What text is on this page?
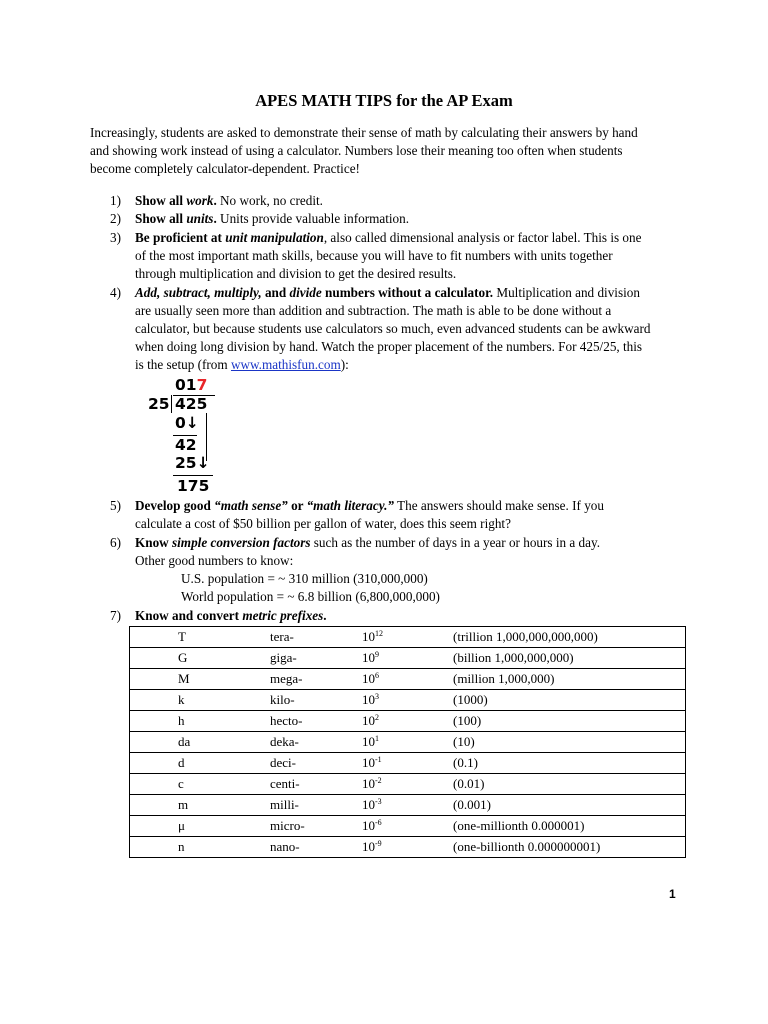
APES MATH TIPS for the AP Exam

Increasingly, students are asked to demonstrate their sense of math by calculating their answers by hand
and showing work instead of using a calculator. Numbers lose their meaning too often when students
become completely calculator-dependent. Practice!

1) Show all work. No work, no credit.
2) Show all units. Units provide valuable information.
3) Be proficient at unit manipulation, also called dimensional analysis or factor label. This is one
of the most important math skills, because you will have to fit numbers with units together
through multiplication and division to get the desired results.
4) Add, subtract, multiply, and divide numbers without a calculator. Multiplication and division
are usually seen more than addition and subtraction. The math is able to be done without a
calculator, but because students use calculators so much, even advanced students can be awkward
when doing long division by hand. Watch the proper placement of the numbers. For 425/25, this
is the setup (from www.mathisfun.com):
017
25 425
0↓
42
25↓
175
5) Develop good “math sense” or “math literacy.” The answers should make sense. If you
calculate a cost of $50 billion per gallon of water, does this seem right?
6) Know simple conversion factors such as the number of days in a year or hours in a day.
Other good numbers to know:
U.S. population = ~ 310 million (310,000,000)
World population = ~ 6.8 billion (6,800,000,000)
7) Know and convert metric prefixes.
T	tera-	$10^{12}$	(trillion 1,000,000,000,000)

G	giga-	$10^9$	(billion 1,000,000,000)

M	mega-	$10^6$	(million 1,000,000)

k	kilo-	$10^3$	(1000)

h	hecto-	$10^2$	(100)

da	deka-	$10^1$	(10)

d	deci-	$10^{-1}$	(0.1)

c	centi-	$10^{-2}$	(0.01)

m	milli-	$10^{-3}$	(0.001)

μ	micro-	$10^{-6}$	(one-millionth 0.000001)

n	nano-	$10^{-9}$	(one-billionth 0.000000001)
1
